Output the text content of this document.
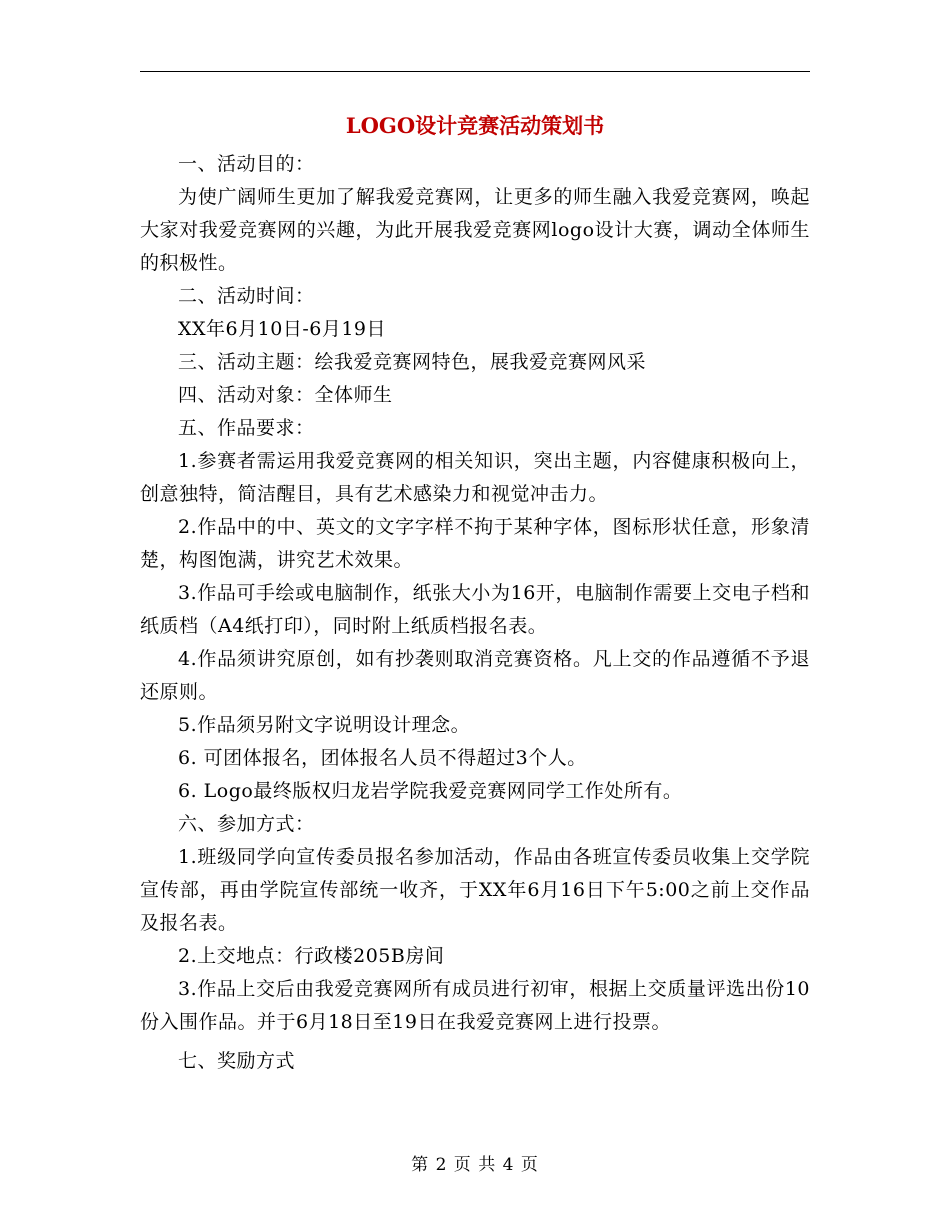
LOGO设计竞赛活动策划书

一、活动目的：

为使广阔师生更加了解我爱竞赛网，让更多的师生融入我爱竞赛网，唤起大家对我爱竞赛网的兴趣，为此开展我爱竞赛网logo设计大赛，调动全体师生的积极性。

二、活动时间：

XX年6月10日-6月19日

三、活动主题：绘我爱竞赛网特色，展我爱竞赛网风采

四、活动对象：全体师生

五、作品要求：

1.参赛者需运用我爱竞赛网的相关知识，突出主题，内容健康积极向上，创意独特，简洁醒目，具有艺术感染力和视觉冲击力。

2.作品中的中、英文的文字字样不拘于某种字体，图标形状任意，形象清楚，构图饱满，讲究艺术效果。

3.作品可手绘或电脑制作，纸张大小为16开，电脑制作需要上交电子档和纸质档（A4纸打印），同时附上纸质档报名表。

4.作品须讲究原创，如有抄袭则取消竞赛资格。凡上交的作品遵循不予退还原则。

5.作品须另附文字说明设计理念。

6. 可团体报名，团体报名人员不得超过3个人。

6. Logo最终版权归龙岩学院我爱竞赛网同学工作处所有。

六、参加方式：

1.班级同学向宣传委员报名参加活动，作品由各班宣传委员收集上交学院宣传部，再由学院宣传部统一收齐，于XX年6月16日下午5:00之前上交作品及报名表。

2.上交地点：行政楼205B房间

3.作品上交后由我爱竞赛网所有成员进行初审，根据上交质量评选出份10份入围作品。并于6月18日至19日在我爱竞赛网上进行投票。

七、奖励方式

第 2 页 共 4 页
